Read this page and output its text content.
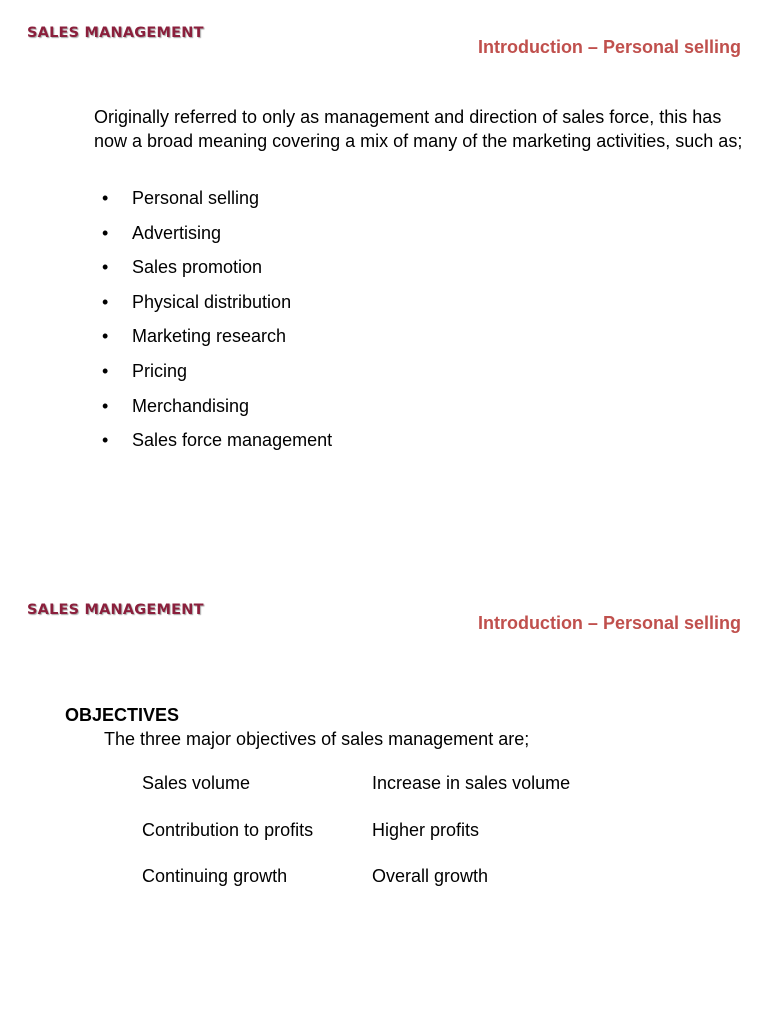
SALES MANAGEMENT
Introduction – Personal selling

Originally referred to only as management and direction of sales force, this has now a broad meaning covering a mix of many of the marketing activities, such as;

• Personal selling
• Advertising
• Sales promotion
• Physical distribution
• Marketing research
• Pricing
• Merchandising
• Sales force management
SALES MANAGEMENT
Introduction – Personal selling
OBJECTIVES
The three major objectives of sales management are;
Sales volume	Increase in sales volume
Contribution to profits	Higher profits
Continuing growth	Overall growth
